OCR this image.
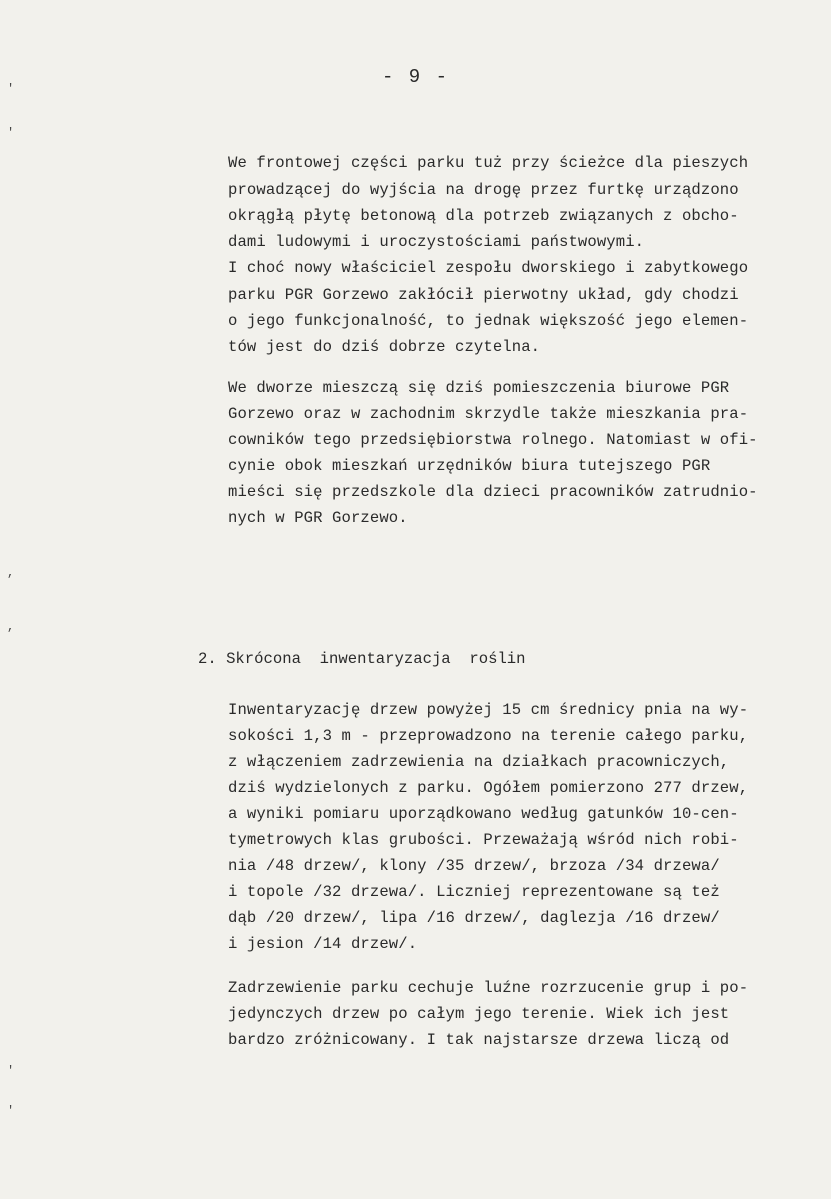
- 9 -
'
'
,
,
'
'
We frontowej części parku tuż przy ścieżce dla pieszych
prowadzącej do wyjścia na drogę przez furtkę urządzono
okrągłą płytę betonową dla potrzeb związanych z obcho-
dami ludowymi i uroczystościami państwowymi.
I choć nowy właściciel zespołu dworskiego i zabytkowego
parku PGR Gorzewo zakłócił pierwotny układ, gdy chodzi
o jego funkcjonalność, to jednak większość jego elemen-
tów jest do dziś dobrze czytelna.
We dworze mieszczą się dziś pomieszczenia biurowe PGR
Gorzewo oraz w zachodnim skrzydle także mieszkania pra-
cowników tego przedsiębiorstwa rolnego. Natomiast w ofi-
cynie obok mieszkań urzędników biura tutejszego PGR
mieści się przedszkole dla dzieci pracowników zatrudnio-
nych w PGR Gorzewo.
2. Skrócona  inwentaryzacja  roślin
Inwentaryzację drzew powyżej 15 cm średnicy pnia na wy-
sokości 1,3 m - przeprowadzono na terenie całego parku,
z włączeniem zadrzewienia na działkach pracowniczych,
dziś wydzielonych z parku. Ogółem pomierzono 277 drzew,
a wyniki pomiaru uporządkowano według gatunków 10-cen-
tymetrowych klas grubości. Przeważają wśród nich robi-
nia /48 drzew/, klony /35 drzew/, brzoza /34 drzewa/
i topole /32 drzewa/. Liczniej reprezentowane są też
dąb /20 drzew/, lipa /16 drzew/, daglezja /16 drzew/
i jesion /14 drzew/.
Zadrzewienie parku cechuje luźne rozrzucenie grup i po-
jedynczych drzew po całym jego terenie. Wiek ich jest
bardzo zróżnicowany. I tak najstarsze drzewa liczą od
